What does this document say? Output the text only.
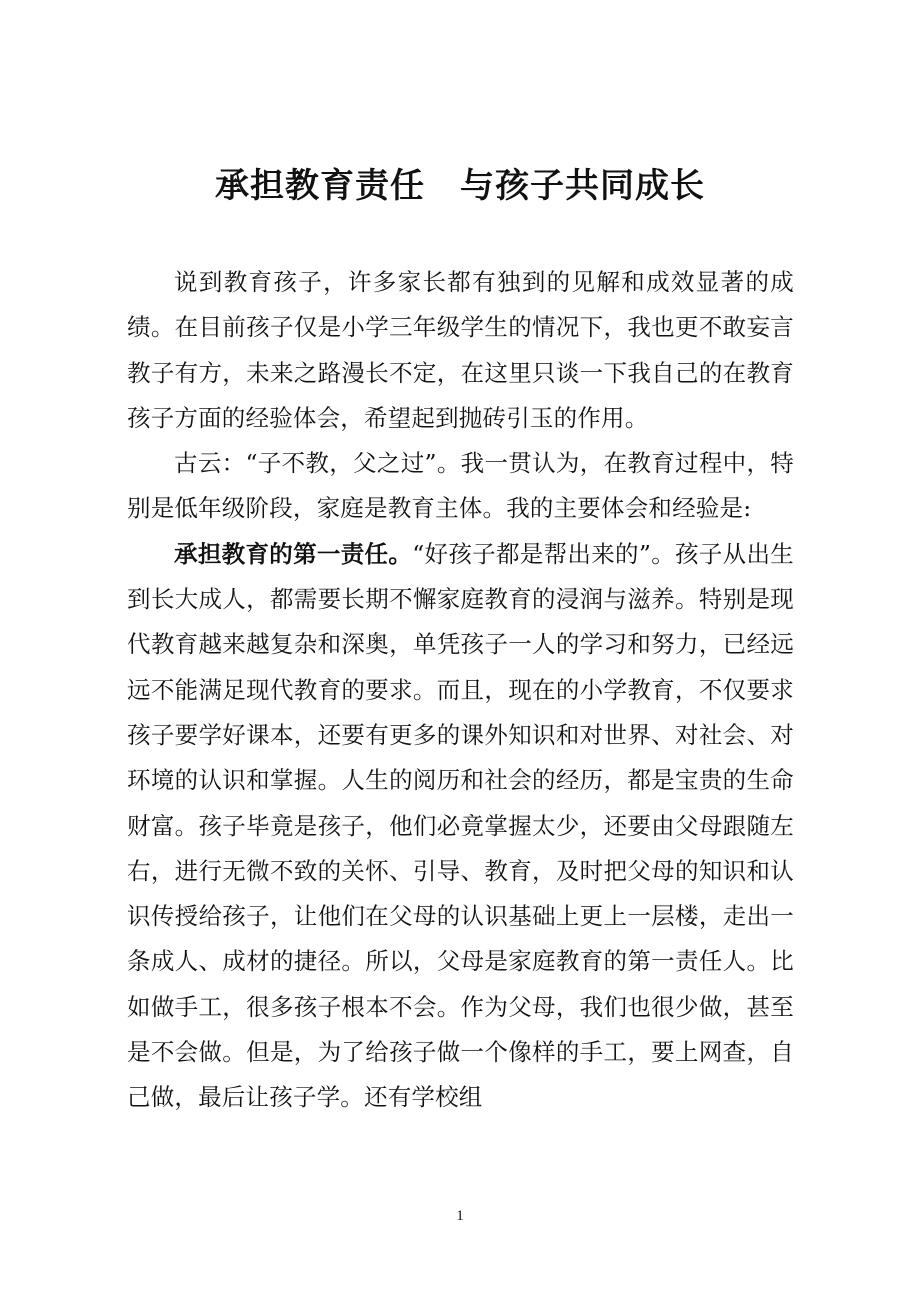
承担教育责任　与孩子共同成长

说到教育孩子，许多家长都有独到的见解和成效显著的成绩。在目前孩子仅是小学三年级学生的情况下，我也更不敢妄言教子有方，未来之路漫长不定，在这里只谈一下我自己的在教育孩子方面的经验体会，希望起到抛砖引玉的作用。

古云：“子不教，父之过”。我一贯认为，在教育过程中，特别是低年级阶段，家庭是教育主体。我的主要体会和经验是:

承担教育的第一责任。“好孩子都是帮出来的”。孩子从出生到长大成人，都需要长期不懈家庭教育的浸润与滋养。特别是现代教育越来越复杂和深奥，单凭孩子一人的学习和努力，已经远远不能满足现代教育的要求。而且，现在的小学教育，不仅要求孩子要学好课本，还要有更多的课外知识和对世界、对社会、对环境的认识和掌握。人生的阅历和社会的经历，都是宝贵的生命财富。孩子毕竟是孩子，他们必竟掌握太少，还要由父母跟随左右，进行无微不致的关怀、引导、教育，及时把父母的知识和认识传授给孩子，让他们在父母的认识基础上更上一层楼，走出一条成人、成材的捷径。所以，父母是家庭教育的第一责任人。比如做手工，很多孩子根本不会。作为父母，我们也很少做，甚至是不会做。但是，为了给孩子做一个像样的手工，要上网查，自己做，最后让孩子学。还有学校组

1
